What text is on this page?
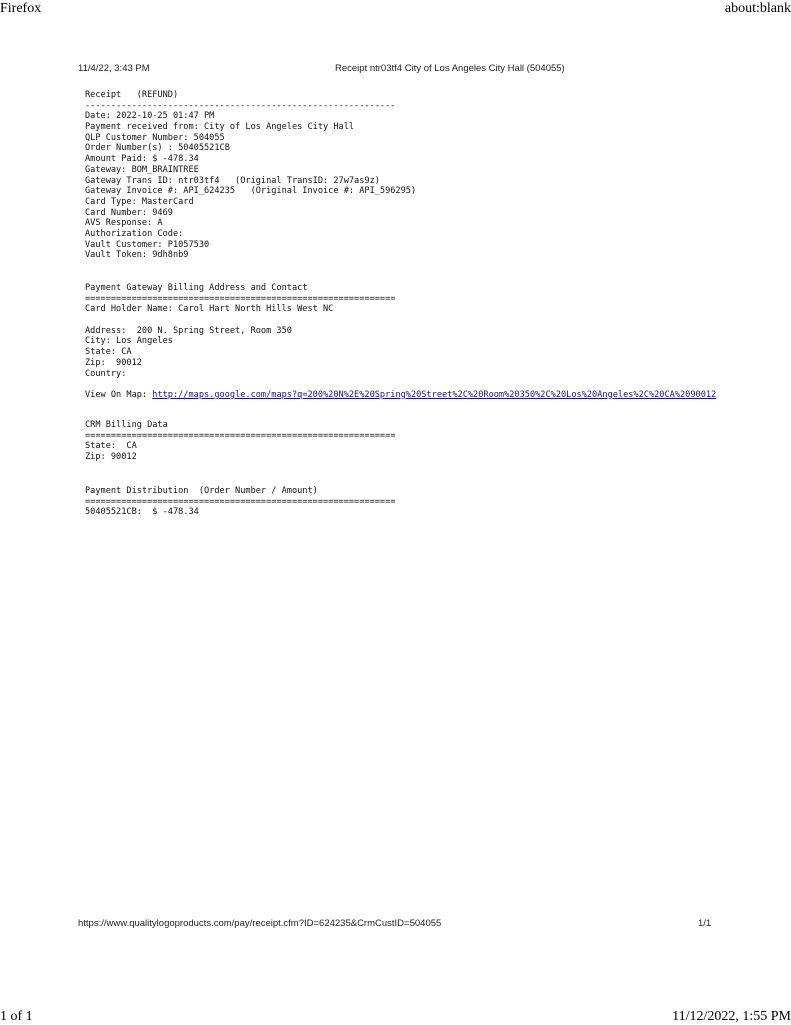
Firefox	about:blank
11/4/22, 3:43 PM	Receipt ntr03tf4 City of Los Angeles City Hall (504055)
Receipt   (REFUND)
------------------------------------------------------------
Date: 2022-10-25 01:47 PM
Payment received from: City of Los Angeles City Hall
QLP Customer Number: 504055
Order Number(s) : 50405521CB
Amount Paid: $ -478.34
Gateway: BOM_BRAINTREE
Gateway Trans ID: ntr03tf4   (Original TransID: 27w7as9z)
Gateway Invoice #: API_624235   (Original Invoice #: API_596295)
Card Type: MasterCard
Card Number: 9469
AVS Response: A
Authorization Code:
Vault Customer: P1057530
Vault Token: 9dh8nb9
Payment Gateway Billing Address and Contact
============================================================
Card Holder Name: Carol Hart North Hills West NC
Address:  200 N. Spring Street, Room 350
City: Los Angeles
State: CA
Zip:  90012
Country:
View On Map: http://maps.google.com/maps?q=200%20N%2E%20Spring%20Street%2C%20Room%20350%2C%20Los%20Angeles%2C%20CA%2090012
CRM Billing Data
============================================================
State:  CA
Zip: 90012
Payment Distribution  (Order Number / Amount)
============================================================
50405521CB:  $ -478.34
https://www.qualitylogoproducts.com/pay/receipt.cfm?ID=624235&CrmCustID=504055	1/1
1 of 1	11/12/2022, 1:55 PM
